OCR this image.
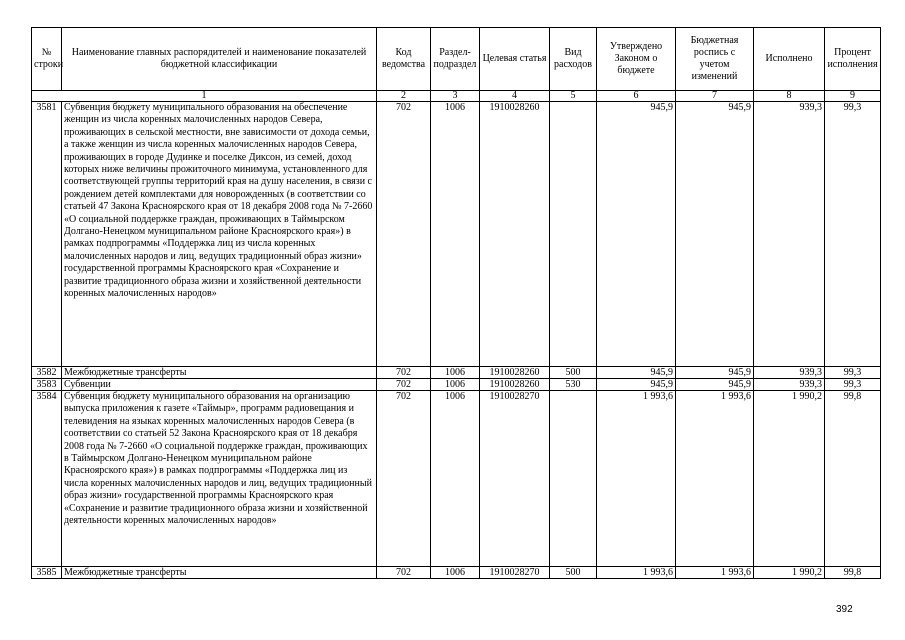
№ строки	Наименование главных распорядителей и наименование показателей бюджетной классификации	Код ведомства	Раздел-подраздел	Целевая статья	Вид расходов	Утверждено Законом о бюджете	Бюджетная роспись с учетом изменений	Исполнено	Процент исполнения
1		2	3	4	5	6	7	8	9
3581	Субвенция бюджету муниципального образования на обеспечение женщин из числа коренных малочисленных народов Севера, проживающих в сельской местности, вне зависимости от дохода семьи, а также женщин из числа коренных малочисленных народов Севера, проживающих в городе Дудинке и поселке Диксон, из семей, доход которых ниже величины прожиточного минимума, установленного для соответствующей группы территорий края на душу населения, в связи с рождением детей комплектами для новорожденных (в соответствии со статьей 47 Закона Красноярского края от 18 декабря 2008 года № 7-2660 «О социальной поддержке граждан, проживающих в Таймырском Долгано-Ненецком муниципальном районе Красноярского края») в рамках подпрограммы «Поддержка лиц из числа коренных малочисленных народов и лиц, ведущих традиционный образ жизни» государственной программы Красноярского края «Сохранение и развитие традиционного образа жизни и хозяйственной деятельности коренных малочисленных народов»	702	1006	1910028260		945,9	945,9	939,3	99,3
3582	Межбюджетные трансферты	702	1006	1910028260	500	945,9	945,9	939,3	99,3
3583	Субвенции	702	1006	1910028260	530	945,9	945,9	939,3	99,3
3584	Субвенция бюджету муниципального образования на организацию выпуска приложения к газете «Таймыр», программ радиовещания и телевидения на языках коренных малочисленных народов Севера (в соответствии со статьей 52 Закона Красноярского края от 18 декабря 2008 года № 7-2660 «О социальной поддержке граждан, проживающих в Таймырском Долгано-Ненецком муниципальном районе Красноярского края») в рамках подпрограммы «Поддержка лиц из числа коренных малочисленных народов и лиц, ведущих традиционный образ жизни» государственной программы Красноярского края «Сохранение и развитие традиционного образа жизни и хозяйственной деятельности коренных малочисленных народов»	702	1006	1910028270		1 993,6	1 993,6	1 990,2	99,8
3585	Межбюджетные трансферты	702	1006	1910028270	500	1 993,6	1 993,6	1 990,2	99,8
392
